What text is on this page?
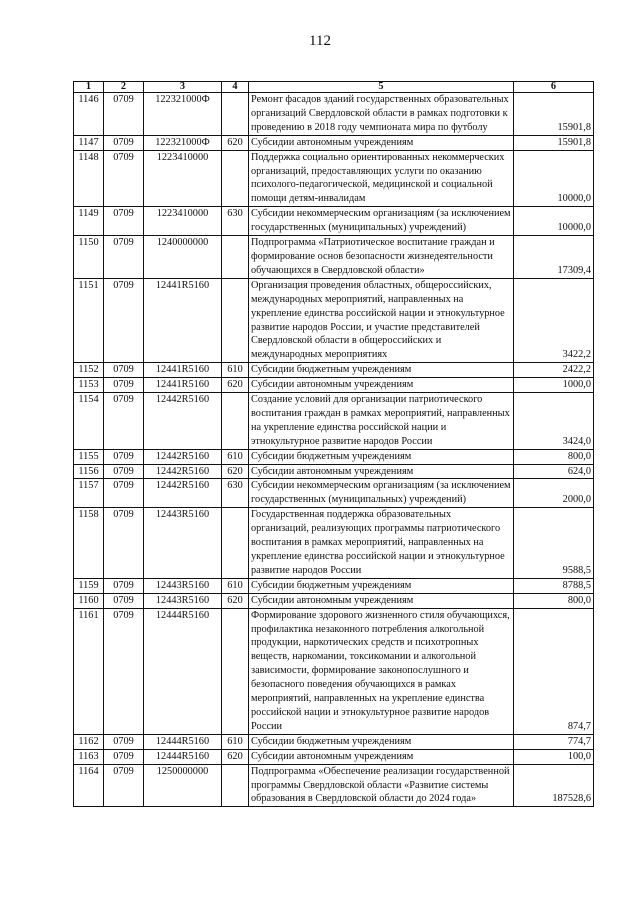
112
1	2	3	4	5	6
1146	0709	122321000Ф		Ремонт фасадов зданий государственных образовательных организаций Свердловской области в рамках подготовки к проведению в 2018 году чемпионата мира по футболу	15901,8
1147	0709	122321000Ф	620	Субсидии автономным учреждениям	15901,8
1148	0709	1223410000		Поддержка социально ориентированных некоммерческих организаций, предоставляющих услуги по оказанию психолого-педагогической, медицинской и социальной помощи детям-инвалидам	10000,0
1149	0709	1223410000	630	Субсидии некоммерческим организациям (за исключением государственных (муниципальных) учреждений)	10000,0
1150	0709	1240000000		Подпрограмма «Патриотическое воспитание граждан и формирование основ безопасности жизнедеятельности обучающихся в Свердловской области»	17309,4
1151	0709	12441R5160		Организация проведения областных, общероссийских, международных мероприятий, направленных на укрепление единства российской нации и этнокультурное развитие народов России, и участие представителей Свердловской области в общероссийских и международных мероприятиях	3422,2
1152	0709	12441R5160	610	Субсидии бюджетным учреждениям	2422,2
1153	0709	12441R5160	620	Субсидии автономным учреждениям	1000,0
1154	0709	12442R5160		Создание условий для организации патриотического воспитания граждан в рамках мероприятий, направленных на укрепление единства российской нации и этнокультурное развитие народов России	3424,0
1155	0709	12442R5160	610	Субсидии бюджетным учреждениям	800,0
1156	0709	12442R5160	620	Субсидии автономным учреждениям	624,0
1157	0709	12442R5160	630	Субсидии некоммерческим организациям (за исключением государственных (муниципальных) учреждений)	2000,0
1158	0709	12443R5160		Государственная поддержка образовательных организаций, реализующих программы патриотического воспитания в рамках мероприятий, направленных на укрепление единства российской нации и этнокультурное развитие народов России	9588,5
1159	0709	12443R5160	610	Субсидии бюджетным учреждениям	8788,5
1160	0709	12443R5160	620	Субсидии автономным учреждениям	800,0
1161	0709	12444R5160		Формирование здорового жизненного стиля обучающихся, профилактика незаконного потребления алкогольной продукции, наркотических средств и психотропных веществ, наркомании, токсикомании и алкогольной зависимости, формирование законопослушного и безопасного поведения обучающихся в рамках мероприятий, направленных на укрепление единства российской нации и этнокультурное развитие народов России	874,7
1162	0709	12444R5160	610	Субсидии бюджетным учреждениям	774,7
1163	0709	12444R5160	620	Субсидии автономным учреждениям	100,0
1164	0709	1250000000		Подпрограмма «Обеспечение реализации государственной программы Свердловской области «Развитие системы образования в Свердловской области до 2024 года»	187528,6
